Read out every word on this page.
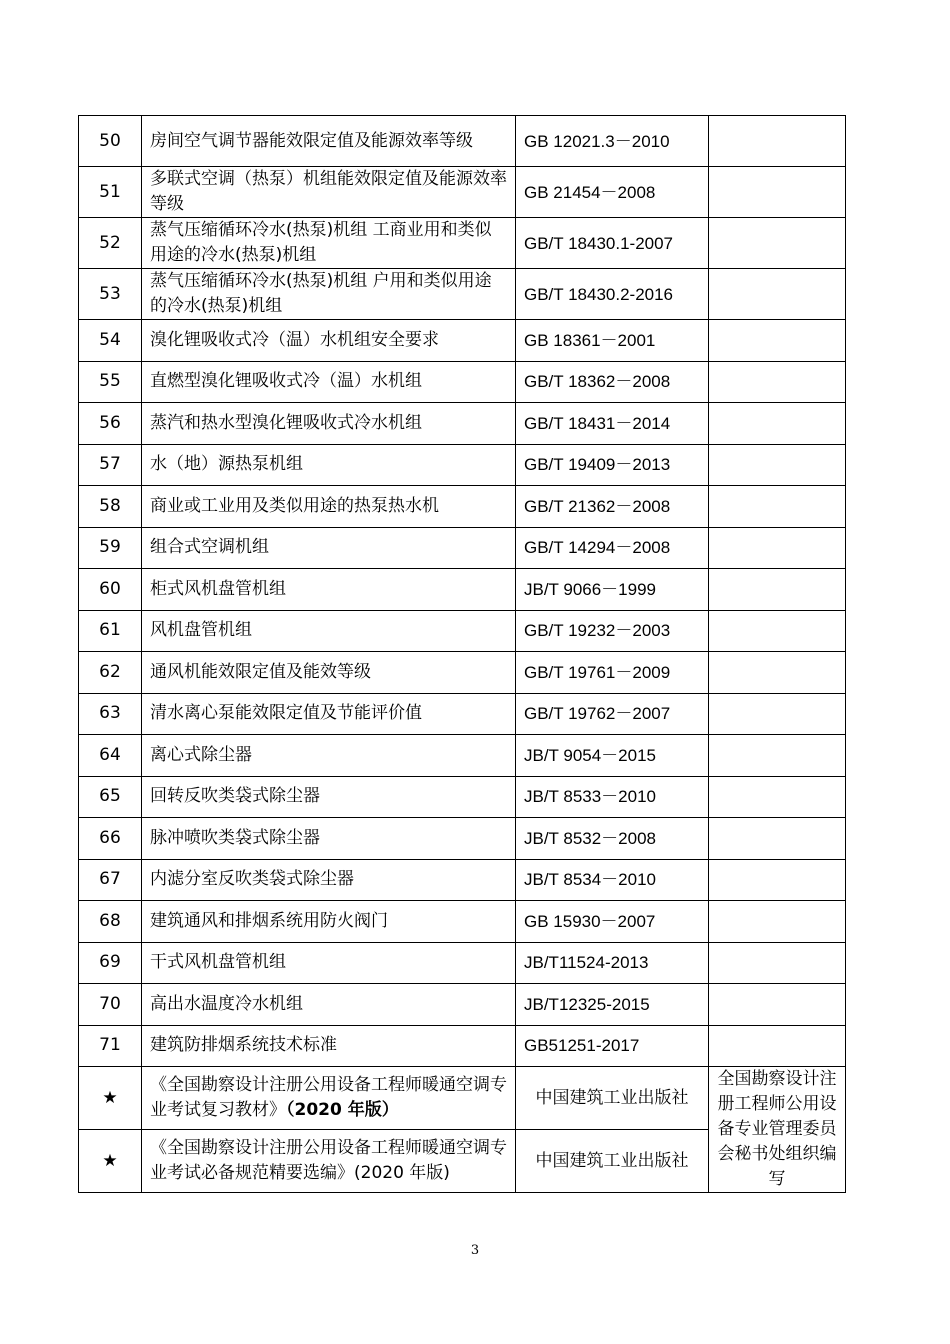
50	房间空气调节器能效限定值及能源效率等级	GB 12021.3－2010	
51	多联式空调（热泵）机组能效限定值及能源效率等级	GB 21454－2008	
52	蒸气压缩循环冷水(热泵)机组 工商业用和类似用途的冷水(热泵)机组	GB/T 18430.1-2007	
53	蒸气压缩循环冷水(热泵)机组 户用和类似用途的冷水(热泵)机组	GB/T 18430.2-2016	
54	溴化锂吸收式冷（温）水机组安全要求	GB 18361－2001	
55	直燃型溴化锂吸收式冷（温）水机组	GB/T 18362－2008	
56	蒸汽和热水型溴化锂吸收式冷水机组	GB/T 18431－2014	
57	水（地）源热泵机组	GB/T 19409－2013	
58	商业或工业用及类似用途的热泵热水机	GB/T 21362－2008	
59	组合式空调机组	GB/T 14294－2008	
60	柜式风机盘管机组	JB/T 9066－1999	
61	风机盘管机组	GB/T 19232－2003	
62	通风机能效限定值及能效等级	GB/T 19761－2009	
63	清水离心泵能效限定值及节能评价值	GB/T 19762－2007	
64	离心式除尘器	JB/T 9054－2015	
65	回转反吹类袋式除尘器	JB/T 8533－2010	
66	脉冲喷吹类袋式除尘器	JB/T 8532－2008	
67	内滤分室反吹类袋式除尘器	JB/T 8534－2010	
68	建筑通风和排烟系统用防火阀门	GB 15930－2007	
69	干式风机盘管机组	JB/T11524-2013	
70	高出水温度冷水机组	JB/T12325-2015	
71	建筑防排烟系统技术标准	GB51251-2017	
★	《全国勘察设计注册公用设备工程师暖通空调专业考试复习教材》（2020 年版）	中国建筑工业出版社	全国勘察设计注册工程师公用设备专业管理委员会秘书处组织编写
★	《全国勘察设计注册公用设备工程师暖通空调专业考试必备规范精要选编》(2020 年版)	中国建筑工业出版社	
3
